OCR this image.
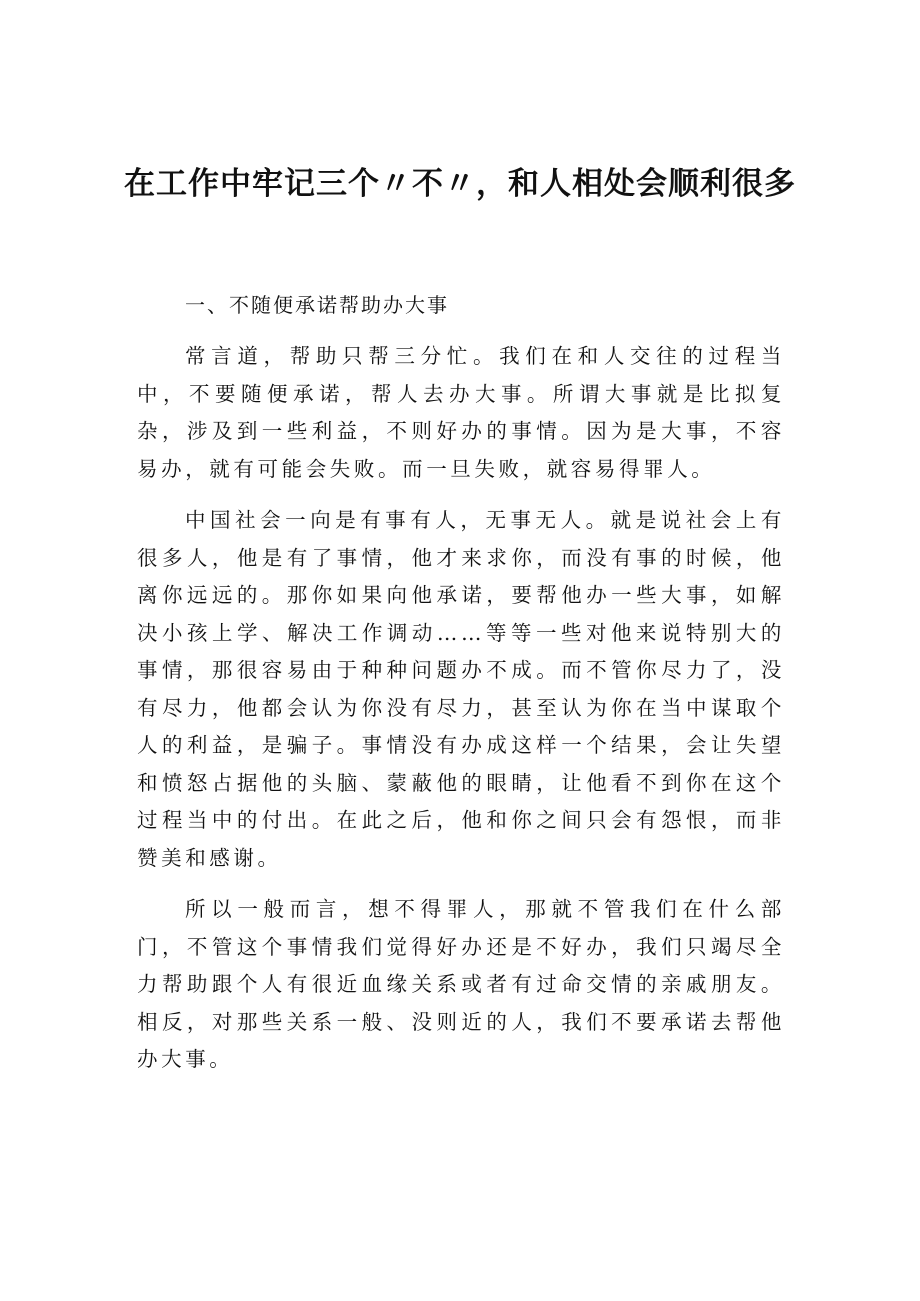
在工作中牢记三个〃不〃，和人相处会顺利很多

一、不随便承诺帮助办大事

常言道，帮助只帮三分忙。我们在和人交往的过程当中，不要随便承诺，帮人去办大事。所谓大事就是比拟复杂，涉及到一些利益，不则好办的事情。因为是大事，不容易办，就有可能会失败。而一旦失败，就容易得罪人。

中国社会一向是有事有人，无事无人。就是说社会上有很多人，他是有了事情，他才来求你，而没有事的时候，他离你远远的。那你如果向他承诺，要帮他办一些大事，如解决小孩上学、解决工作调动……等等一些对他来说特别大的事情，那很容易由于种种问题办不成。而不管你尽力了，没有尽力，他都会认为你没有尽力，甚至认为你在当中谋取个人的利益，是骗子。事情没有办成这样一个结果，会让失望和愤怒占据他的头脑、蒙蔽他的眼睛，让他看不到你在这个过程当中的付出。在此之后，他和你之间只会有怨恨，而非赞美和感谢。

所以一般而言，想不得罪人，那就不管我们在什么部门，不管这个事情我们觉得好办还是不好办，我们只竭尽全力帮助跟个人有很近血缘关系或者有过命交情的亲戚朋友。相反，对那些关系一般、没则近的人，我们不要承诺去帮他办大事。
